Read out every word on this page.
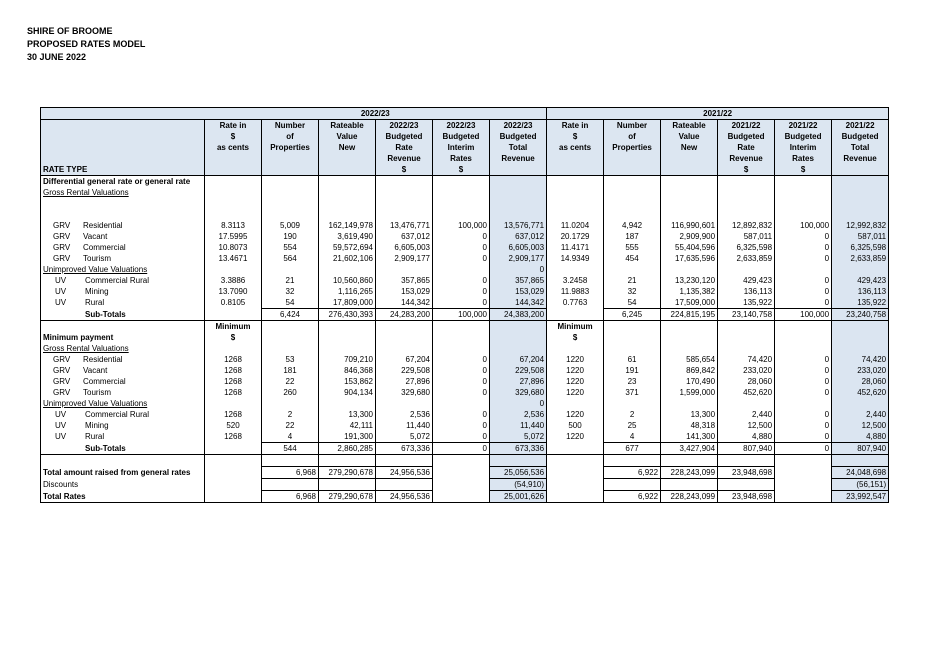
SHIRE OF BROOME
PROPOSED RATES MODEL
30 JUNE 2022
	2022/23						2021/22					
	Rate in	Number	Rateable	2022/23	2022/23	2022/23	Rate in	Number	Rateable	2021/22	2021/22	2021/22
	$	of	Value	Budgeted	Budgeted	Budgeted	$	of	Value	Budgeted	Budgeted	Budgeted

	as cents	Properties	New	Rate	Interim	Total	as cents	Properties	New	Rate	Interim	Total
				Revenue	Rates	Revenue				Revenue	Rates	Revenue
RATE TYPE				$	$					$	$	
Differential general rate or general rate												
Gross Rental Valuations												

GRV Residential	8.3113	5,009	162,149,978	13,476,771	100,000	13,576,771	11.0204	4,942	116,990,601	12,892,832	100,000	12,992,832
GRV Vacant	17.5995	190	3,619,490	637,012	0	637,012	20.1729	187	2,909,900	587,011	0	587,011
GRV Commercial	10.8073	554	59,572,694	6,605,003	0	6,605,003	11.4171	555	55,404,596	6,325,598	0	6,325,598
GRV Tourism	13.4671	564	21,602,106	2,909,177	0	2,909,177	14.9349	454	17,635,596	2,633,859	0	2,633,859
Unimproved Value Valuations						0						
UV Commercial Rural	3.3886	21	10,560,860	357,865	0	357,865	3.2458	21	13,230,120	429,423	0	429,423
UV Mining	13.7090	32	1,116,265	153,029	0	153,029	11.9883	32	1,135,382	136,113	0	136,113
UV Rural	0.8105	54	17,809,000	144,342	0	144,342	0.7763	54	17,509,000	135,922	0	135,922
Sub-Totals		6,424	276,430,393	24,283,200	100,000	24,383,200		6,245	224,815,195	23,140,758	100,000	23,240,758
	Minimum						Minimum					
Minimum payment	$						$					
Gross Rental Valuations												
GRV Residential	1268	53	709,210	67,204	0	67,204	1220	61	585,654	74,420	0	74,420
GRV Vacant	1268	181	846,368	229,508	0	229,508	1220	191	869,842	233,020	0	233,020
GRV Commercial	1268	22	153,862	27,896	0	27,896	1220	23	170,490	28,060	0	28,060
GRV Tourism	1268	260	904,134	329,680	0	329,680	1220	371	1,599,000	452,620	0	452,620
Unimproved Value Valuations						0						
UV Commercial Rural	1268	2	13,300	2,536	0	2,536	1220	2	13,300	2,440	0	2,440
UV Mining	520	22	42,111	11,440	0	11,440	500	25	48,318	12,500	0	12,500
UV Rural	1268	4	191,300	5,072	0	5,072	1220	4	141,300	4,880	0	4,880
Sub-Totals		544	2,860,285	673,336	0	673,336		677	3,427,904	807,940	0	807,940

Total amount raised from general rates		6,968	279,290,678	24,956,536		25,056,536		6,922	228,243,099	23,948,698		24,048,698
Discounts						(54,910)						(56,151)
Total Rates		6,968	279,290,678	24,956,536		25,001,626		6,922	228,243,099	23,948,698		23,992,547
